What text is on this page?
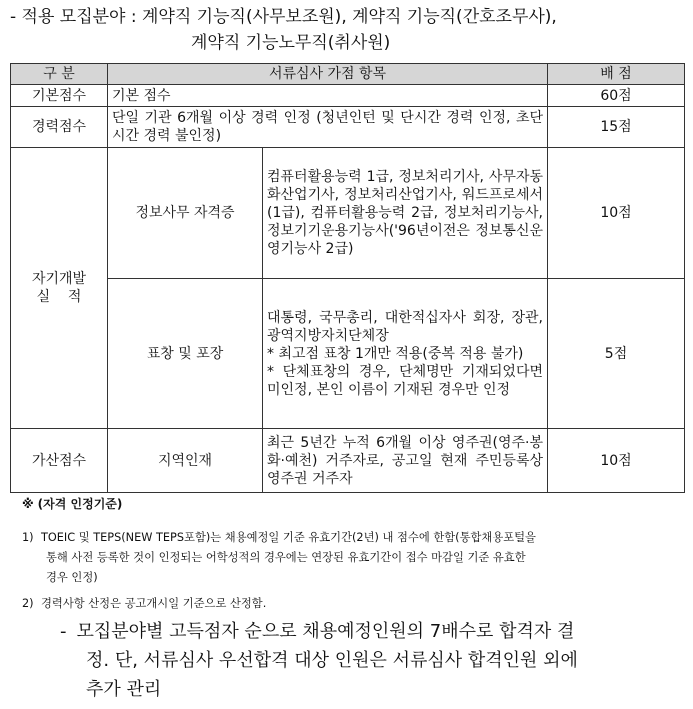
- 적용 모집분야 : 계약직 기능직(사무보조원), 계약직 기능직(간호조무사),
계약직 기능노무직(취사원)
구 분	서류심사 가점 항목		배 점
기본점수	기본 점수		60점
경력점수	단일 기관 6개월 이상 경력 인정 (청년인턴 및 단시간 경력 인정, 초단시간 경력 불인정)		15점

자기개발
실    적	정보사무 자격증	컴퓨터활용능력 1급, 정보처리기사, 사무자동화산업기사, 정보처리산업기사, 워드프로세서(1급), 컴퓨터활용능력 2급, 정보처리기능사, 정보기기운용기능사('96년이전은 정보통신운영기능사 2급)	10점
	표창 및 포장	대통령, 국무총리, 대한적십자사 회장, 장관, 광역지방자치단체장
* 최고점 표창 1개만 적용(중복 적용 불가)
* 단체표창의 경우, 단체명만 기재되었다면 미인정, 본인 이름이 기재된 경우만 인정	5점
가산점수	지역인재	최근 5년간 누적 6개월 이상 영주권(영주·봉화·예천) 거주자로, 공고일 현재 주민등록상 영주권 거주자	10점
※ (자격 인정기준)
1) TOEIC 및 TEPS(NEW TEPS포함)는 채용예정일 기준 유효기간(2년) 내 점수에 한함(통합채용포털을
통해 사전 등록한 것이 인정되는 어학성적의 경우에는 연장된 유효기간이 접수 마감일 기준 유효한
경우 인정)
2) 경력사항 산정은 공고개시일 기준으로 산정함.
- 모집분야별 고득점자 순으로 채용예정인원의 7배수로 합격자 결
정. 단, 서류심사 우선합격 대상 인원은 서류심사 합격인원 외에
추가 관리
